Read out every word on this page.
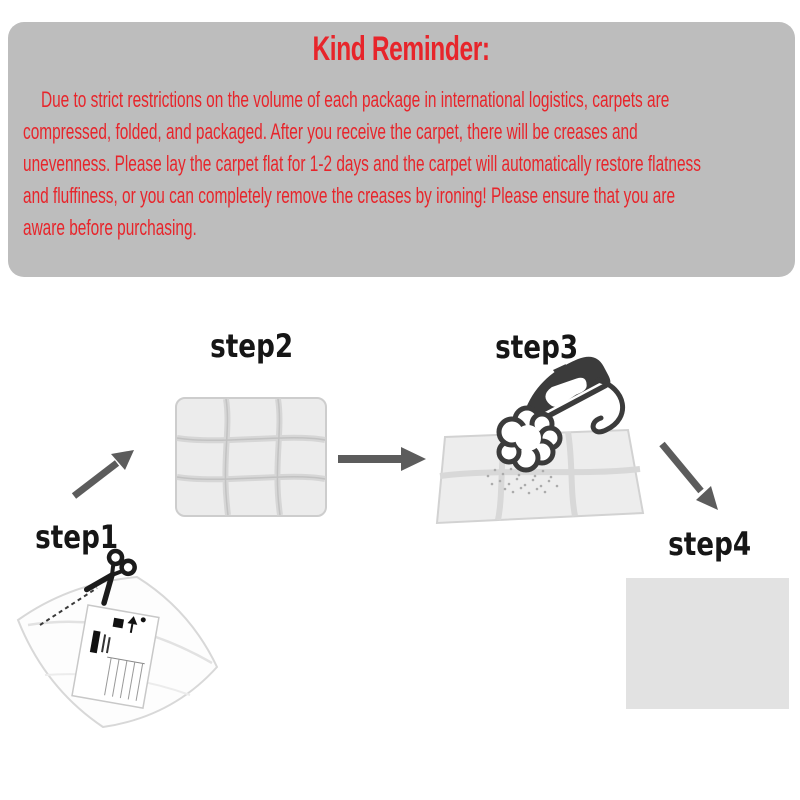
Kind Reminder:
Due to strict restrictions on the volume of each package in international logistics, carpets are
compressed, folded, and packaged. After you receive the carpet, there will be creases and
unevenness. Please lay the carpet flat for 1-2 days and the carpet will automatically restore flatness
and fluffiness, or you can completely remove the creases by ironing! Please ensure that you are
aware before purchasing.
step1
step2	step3
step4
